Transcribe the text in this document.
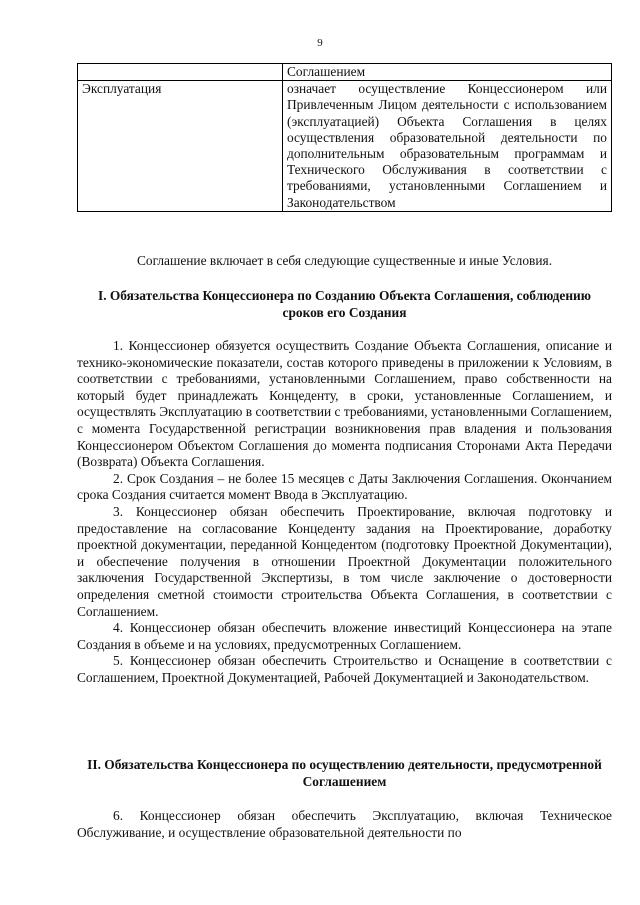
9
	Соглашением
Эксплуатация	означает осуществление Концессионером или Привлеченным Лицом деятельности с использованием (эксплуатацией) Объекта Соглашения в целях осуществления образовательной деятельности по дополнительным образовательным программам и Технического Обслуживания в соответствии с требованиями, установленными Соглашением и Законодательством
Соглашение включает в себя следующие существенные и иные Условия.
I. Обязательства Концессионера по Созданию Объекта Соглашения, соблюдению сроков его Создания

1. Концессионер обязуется осуществить Создание Объекта Соглашения, описание и технико-экономические показатели, состав которого приведены в приложении к Условиям, в соответствии с требованиями, установленными Соглашением, право собственности на который будет принадлежать Концеденту, в сроки, установленные Соглашением, и осуществлять Эксплуатацию в соответствии с требованиями, установленными Соглашением, с момента Государственной регистрации возникновения прав владения и пользования Концессионером Объектом Соглашения до момента подписания Сторонами Акта Передачи (Возврата) Объекта Соглашения.

2. Срок Создания – не более 15 месяцев с Даты Заключения Соглашения. Окончанием срока Создания считается момент Ввода в Эксплуатацию.

3. Концессионер обязан обеспечить Проектирование, включая подготовку и предоставление на согласование Концеденту задания на Проектирование, доработку проектной документации, переданной Концедентом (подготовку Проектной Документации), и обеспечение получения в отношении Проектной Документации положительного заключения Государственной Экспертизы, в том числе заключение о достоверности определения сметной стоимости строительства Объекта Соглашения, в соответствии с Соглашением.

4. Концессионер обязан обеспечить вложение инвестиций Концессионера на этапе Создания в объеме и на условиях, предусмотренных Соглашением.

5. Концессионер обязан обеспечить Строительство и Оснащение в соответствии с Соглашением, Проектной Документацией, Рабочей Документацией и Законодательством.

II. Обязательства Концессионера по осуществлению деятельности, предусмотренной Соглашением

6. Концессионер обязан обеспечить Эксплуатацию, включая Техническое Обслуживание, и осуществление образовательной деятельности по
